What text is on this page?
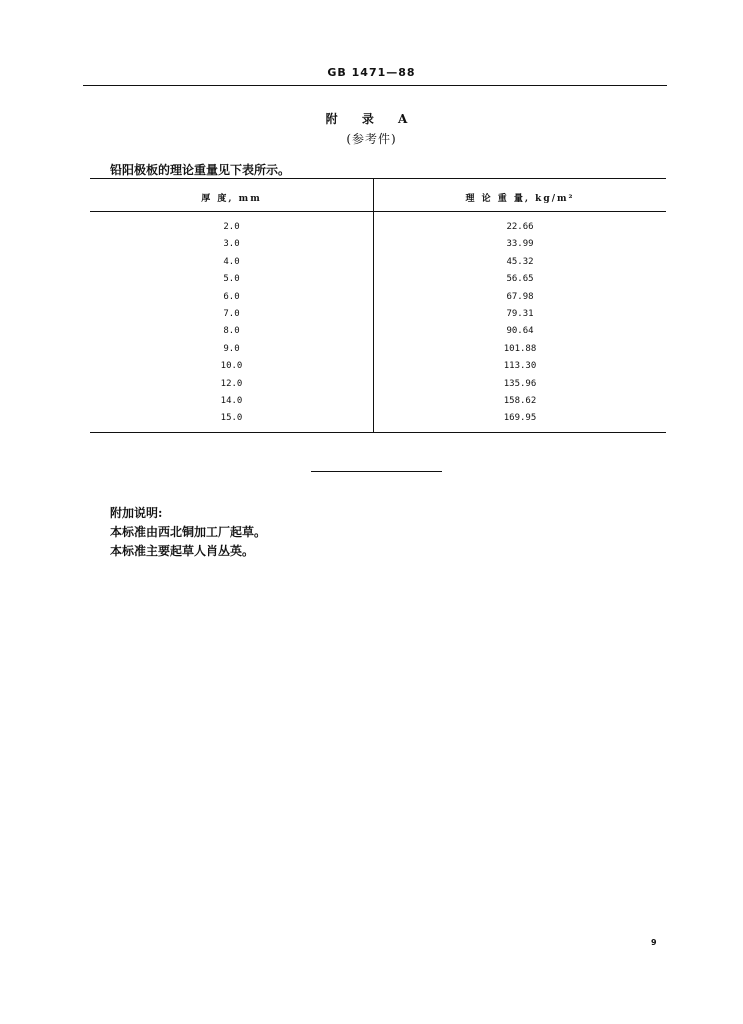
GB 1471—88
附 录 A
(参考件)
铅阳极板的理论重量见下表所示。
厚 度, mm	理 论 重 量, kg/m²
2.0	22.66
3.0	33.99
4.0	45.32
5.0	56.65
6.0	67.98
7.0	79.31
8.0	90.64
9.0	101.88
10.0	113.30
12.0	135.96
14.0	158.62
15.0	169.95
附加说明:
本标准由西北铜加工厂起草。
本标准主要起草人肖丛英。
9
